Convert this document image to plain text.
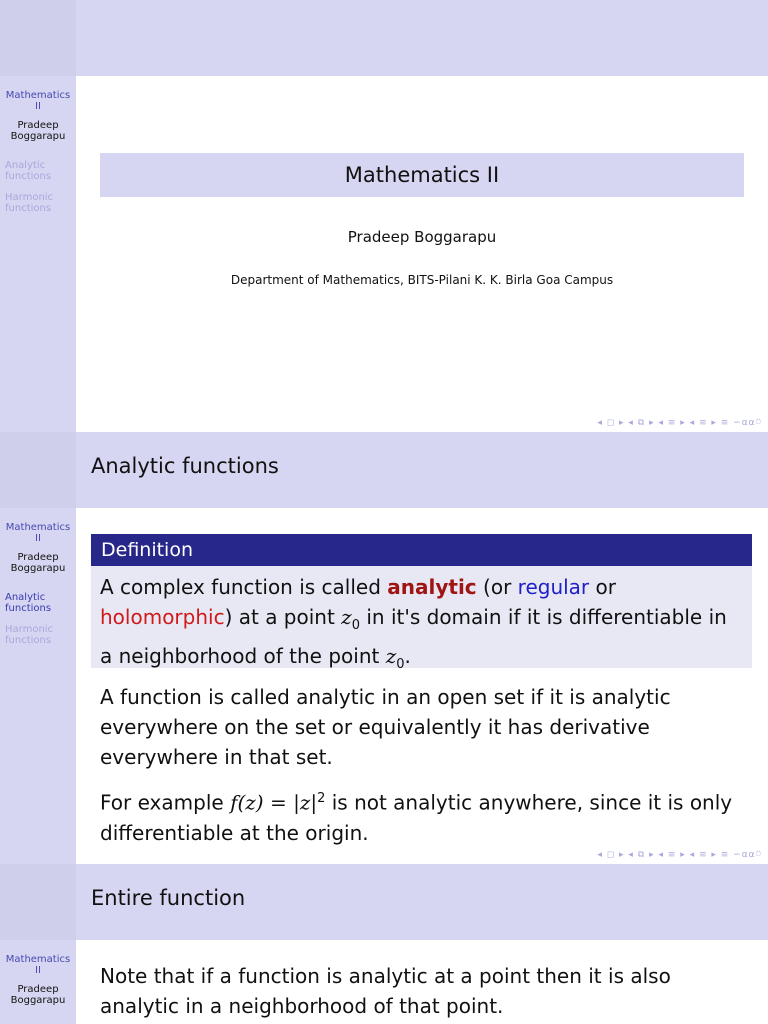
Mathematics
II
Pradeep
Boggarapu
Analytic
functions
Harmonic
functions
Mathematics II
Pradeep Boggarapu
Department of Mathematics, BITS-Pilani K. K. Birla Goa Campus
◂ ◻ ▸ ◂ ⧉ ▸ ◂ ≡ ▸ ◂ ≡ ▸ ≡ ∽⍺⍺⍥
Analytic functions
Mathematics
II
Pradeep
Boggarapu
Analytic
functions
Harmonic
functions
Definition
A complex function is called analytic (or regular or
holomorphic) at a point $z_0$ in it's domain if it is differentiable in a neighborhood of the point $z_0$.
A function is called analytic in an open set if it is analytic everywhere on the set or equivalently it has derivative everywhere in that set.
For example $f(z) = |z|^2$ is not analytic anywhere, since it is only differentiable at the origin.
◂ ◻ ▸ ◂ ⧉ ▸ ◂ ≡ ▸ ◂ ≡ ▸ ≡ ∽⍺⍺⍥
Entire function
Mathematics
II
Pradeep
Boggarapu
Note that if a function is analytic at a point then it is also analytic in a neighborhood of that point.
